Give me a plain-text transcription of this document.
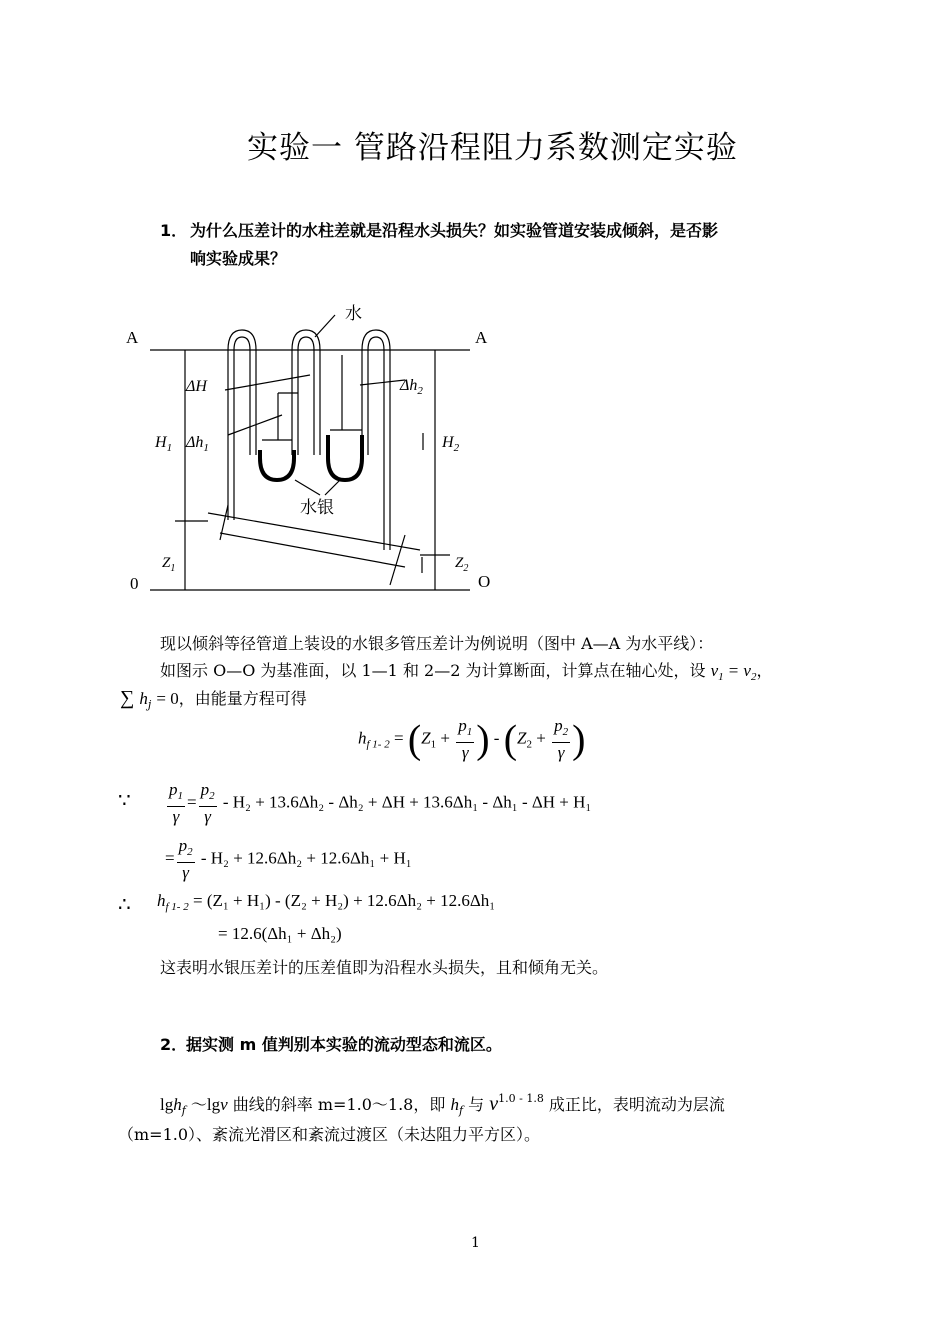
实验一 管路沿程阻力系数测定实验
1． 为什么压差计的水柱差就是沿程水头损失？如实验管道安装成倾斜，是否影
响实验成果？
A	A
0	O
水
水银
ΔH	$\Delta h_2$
$\Delta h_1$
$H_1$	$H_2$
$Z_1$	$Z_2$
现以倾斜等径管道上装设的水银多管压差计为例说明（图中 A—A 为水平线）：
如图示 O—O 为基准面，以 1—1 和 2—2 为计算断面，计算点在轴心处，设 $v_1 = v_2$，
∑ $h_j = 0$，由能量方程可得
$h_{f 1- 2} = (Z_1 + \frac{p_1}{\gamma}$ ) - ($Z_2 + \frac{p_2}{\gamma}$ )
∵ $\frac{p_1}{\gamma} = \frac{p_2}{\gamma} - H_2 + 13.6\Delta h_2 - \Delta h_2 + \Delta H + 13.6\Delta h_1 - \Delta h_1 - \Delta H + H_1$
= $\frac{p_2}{\gamma} - H_2 + 12.6\Delta h_2 + 12.6\Delta h_1 + H_1$
∴ $h_{f 1- 2} = (Z_1 + H_1) - (Z_2 + H_2) + 12.6\Delta h_2 + 12.6\Delta h_1$
= 12.6(Δh₁ + Δh₂)
这表明水银压差计的压差值即为沿程水头损失，且和倾角无关。
2．
据实测 m 值判别本实验的流动型态和流区。
lgh$_f$ ～lgv 曲线的斜率 m=1.0～1.8，即 $h_f$ 与 $v^{1.0 - 1.8}$ 成正比，表明流动为层流
（m=1.0）、紊流光滑区和紊流过渡区（未达阻力平方区）。
1
